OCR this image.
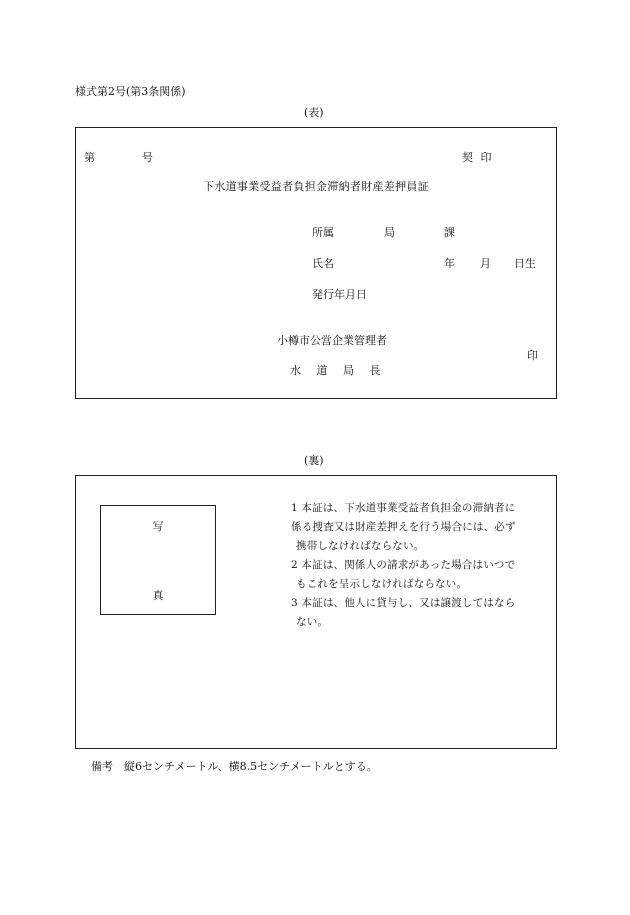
様式第2号(第3条関係)
(表)
第	号	契 印
下水道事業受益者負担金滞納者財産差押員証
所属	局	課
氏名	年 月 日生
発行年月日
小樽市公営企業管理者
印
水 道 局 長
(裏)
写
真
1 本証は、下水道事業受益者負担金の滞納者に
係る捜査又は財産差押えを行う場合には、必ず
携帯しなければならない。
2 本証は、関係人の請求があった場合はいつで
もこれを呈示しなければならない。
3 本証は、他人に貸与し、又は譲渡してはなら
ない。
備考 縦6センチメートル、横8.5センチメートルとする。
